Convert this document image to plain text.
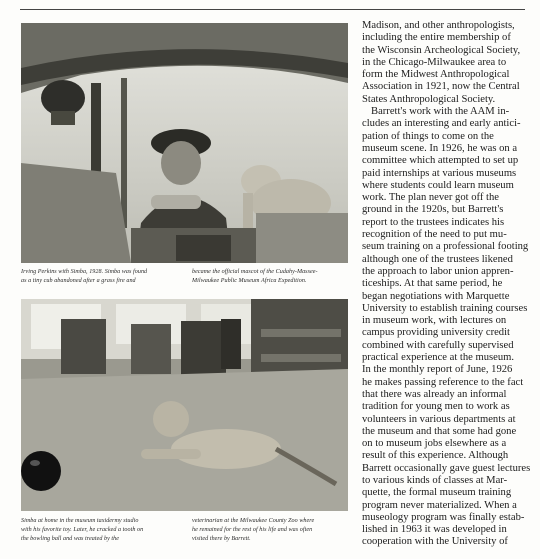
Irving Perkins with Simba, 1928. Simba was found
as a tiny cub abandoned after a grass fire and
became the official mascot of the Cudahy-Massee-
Milwaukee Public Museum Africa Expedition.
Simba at home in the museum taxidermy studio
with his favorite toy. Later, he cracked a tooth on
the bowling ball and was treated by the
veterinarian at the Milwaukee County Zoo where
he remained for the rest of his life and was often
visited there by Barrett.
Madison, and other anthropologists,
including the entire membership of
the Wisconsin Archeological Society,
in the Chicago-Milwaukee area to
form the Midwest Anthropological
Association in 1921, now the Central
States Anthropological Society.
Barrett's work with the AAM in-
cludes an interesting and early antici-
pation of things to come on the
museum scene. In 1926, he was on a
committee which attempted to set up
paid internships at various museums
where students could learn museum
work. The plan never got off the
ground in the 1920s, but Barrett's
report to the trustees indicates his
recognition of the need to put mu-
seum training on a professional footing
although one of the trustees likened
the approach to labor union appren-
ticeships. At that same period, he
began negotiations with Marquette
University to establish training courses
in museum work, with lectures on
campus providing university credit
combined with carefully supervised
practical experience at the museum.
In the monthly report of June, 1926
he makes passing reference to the fact
that there was already an informal
tradition for young men to work as
volunteers in various departments at
the museum and that some had gone
on to museum jobs elsewhere as a
result of this experience. Although
Barrett occasionally gave guest lectures
to various kinds of classes at Mar-
quette, the formal museum training
program never materialized. When a
museology program was finally estab-
lished in 1963 it was developed in
cooperation with the University of
